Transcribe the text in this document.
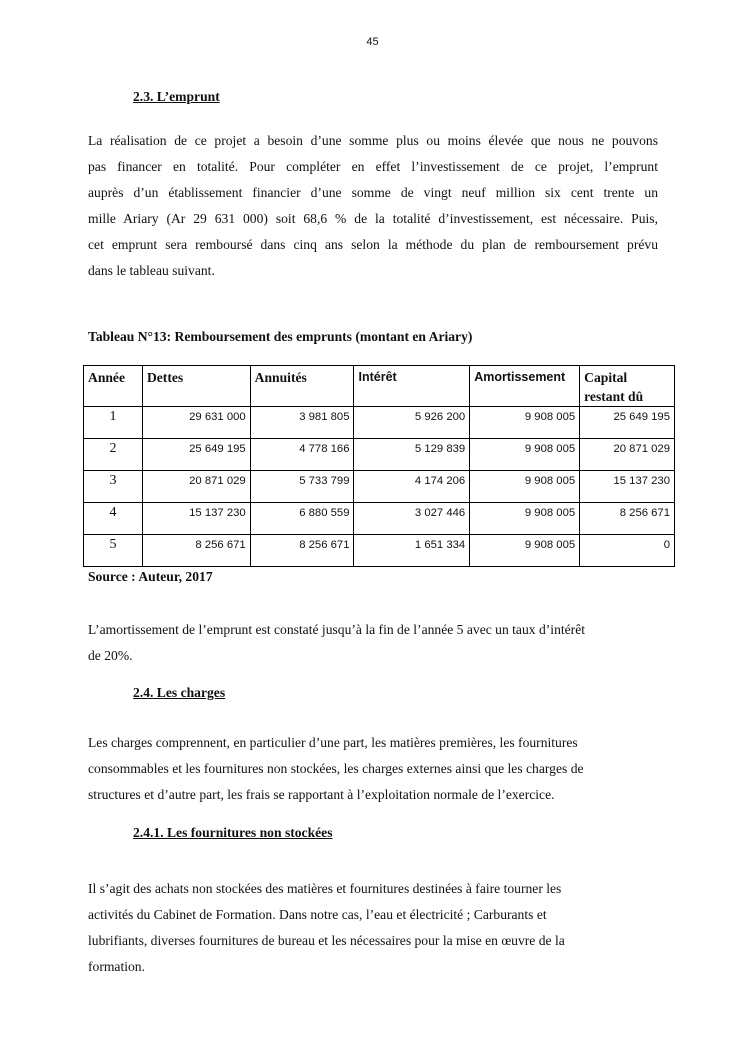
45
2.3. L’emprunt
La réalisation de ce projet a besoin d’une somme plus ou moins élevée que nous ne pouvons
pas financer en totalité. Pour compléter en effet l’investissement de ce projet, l’emprunt
auprès d’un établissement financier d’une somme de vingt neuf million six cent trente un
mille Ariary (Ar 29 631 000) soit 68,6 % de la totalité d’investissement, est nécessaire. Puis,
cet emprunt sera remboursé dans cinq ans selon la méthode du plan de remboursement prévu
dans le tableau suivant.
Tableau N°13: Remboursement des emprunts (montant en Ariary)
Année	Dettes	Annuités	Intérêt	Amortissement	Capital restant dû
1	29 631 000	3 981 805	5 926 200	9 908 005	25 649 195
2	25 649 195	4 778 166	5 129 839	9 908 005	20 871 029
3	20 871 029	5 733 799	4 174 206	9 908 005	15 137 230
4	15 137 230	6 880 559	3 027 446	9 908 005	8 256 671
5	8 256 671	8 256 671	1 651 334	9 908 005	0
Source : Auteur, 2017
L’amortissement de l’emprunt est constaté jusqu’à la fin de l’année 5 avec un taux d’intérêt
de 20%.
2.4. Les charges
Les charges comprennent, en particulier d’une part, les matières premières, les fournitures
consommables et les fournitures non stockées, les charges externes ainsi que les charges de
structures et d’autre part, les frais se rapportant à l’exploitation normale de l’exercice.
2.4.1. Les fournitures non stockées
Il s’agit des achats non stockées des matières et fournitures destinées à faire tourner les
activités du Cabinet de Formation. Dans notre cas, l’eau et électricité ; Carburants et
lubrifiants, diverses fournitures de bureau et les nécessaires pour la mise en œuvre de la
formation.
